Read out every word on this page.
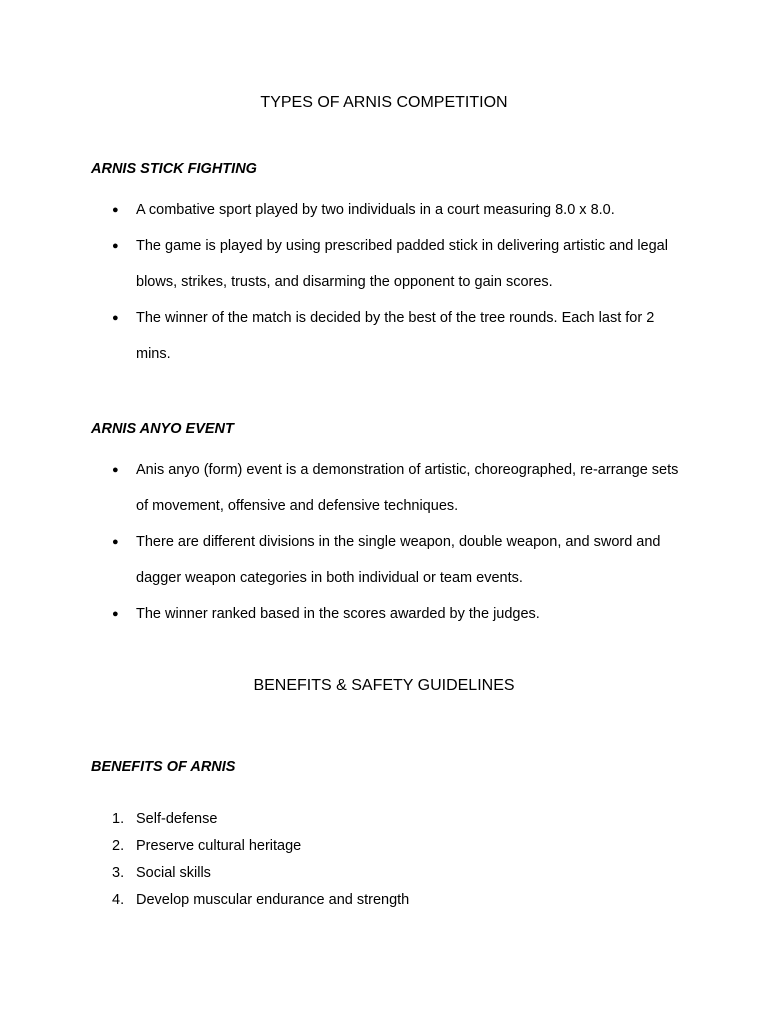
TYPES OF ARNIS COMPETITION
ARNIS STICK FIGHTING
● A combative sport played by two individuals in a court measuring 8.0 x 8.0.
● The game is played by using prescribed padded stick in delivering artistic and legal blows, strikes, trusts, and disarming the opponent to gain scores.
● The winner of the match is decided by the best of the tree rounds. Each last for 2 mins.
ARNIS ANYO EVENT
● Anis anyo (form) event is a demonstration of artistic, choreographed, re-arrange sets of movement, offensive and defensive techniques.
● There are different divisions in the single weapon, double weapon, and sword and dagger weapon categories in both individual or team events.
● The winner ranked based in the scores awarded by the judges.
BENEFITS & SAFETY GUIDELINES
BENEFITS OF ARNIS
1. Self-defense
2. Preserve cultural heritage
3. Social skills
4. Develop muscular endurance and strength
